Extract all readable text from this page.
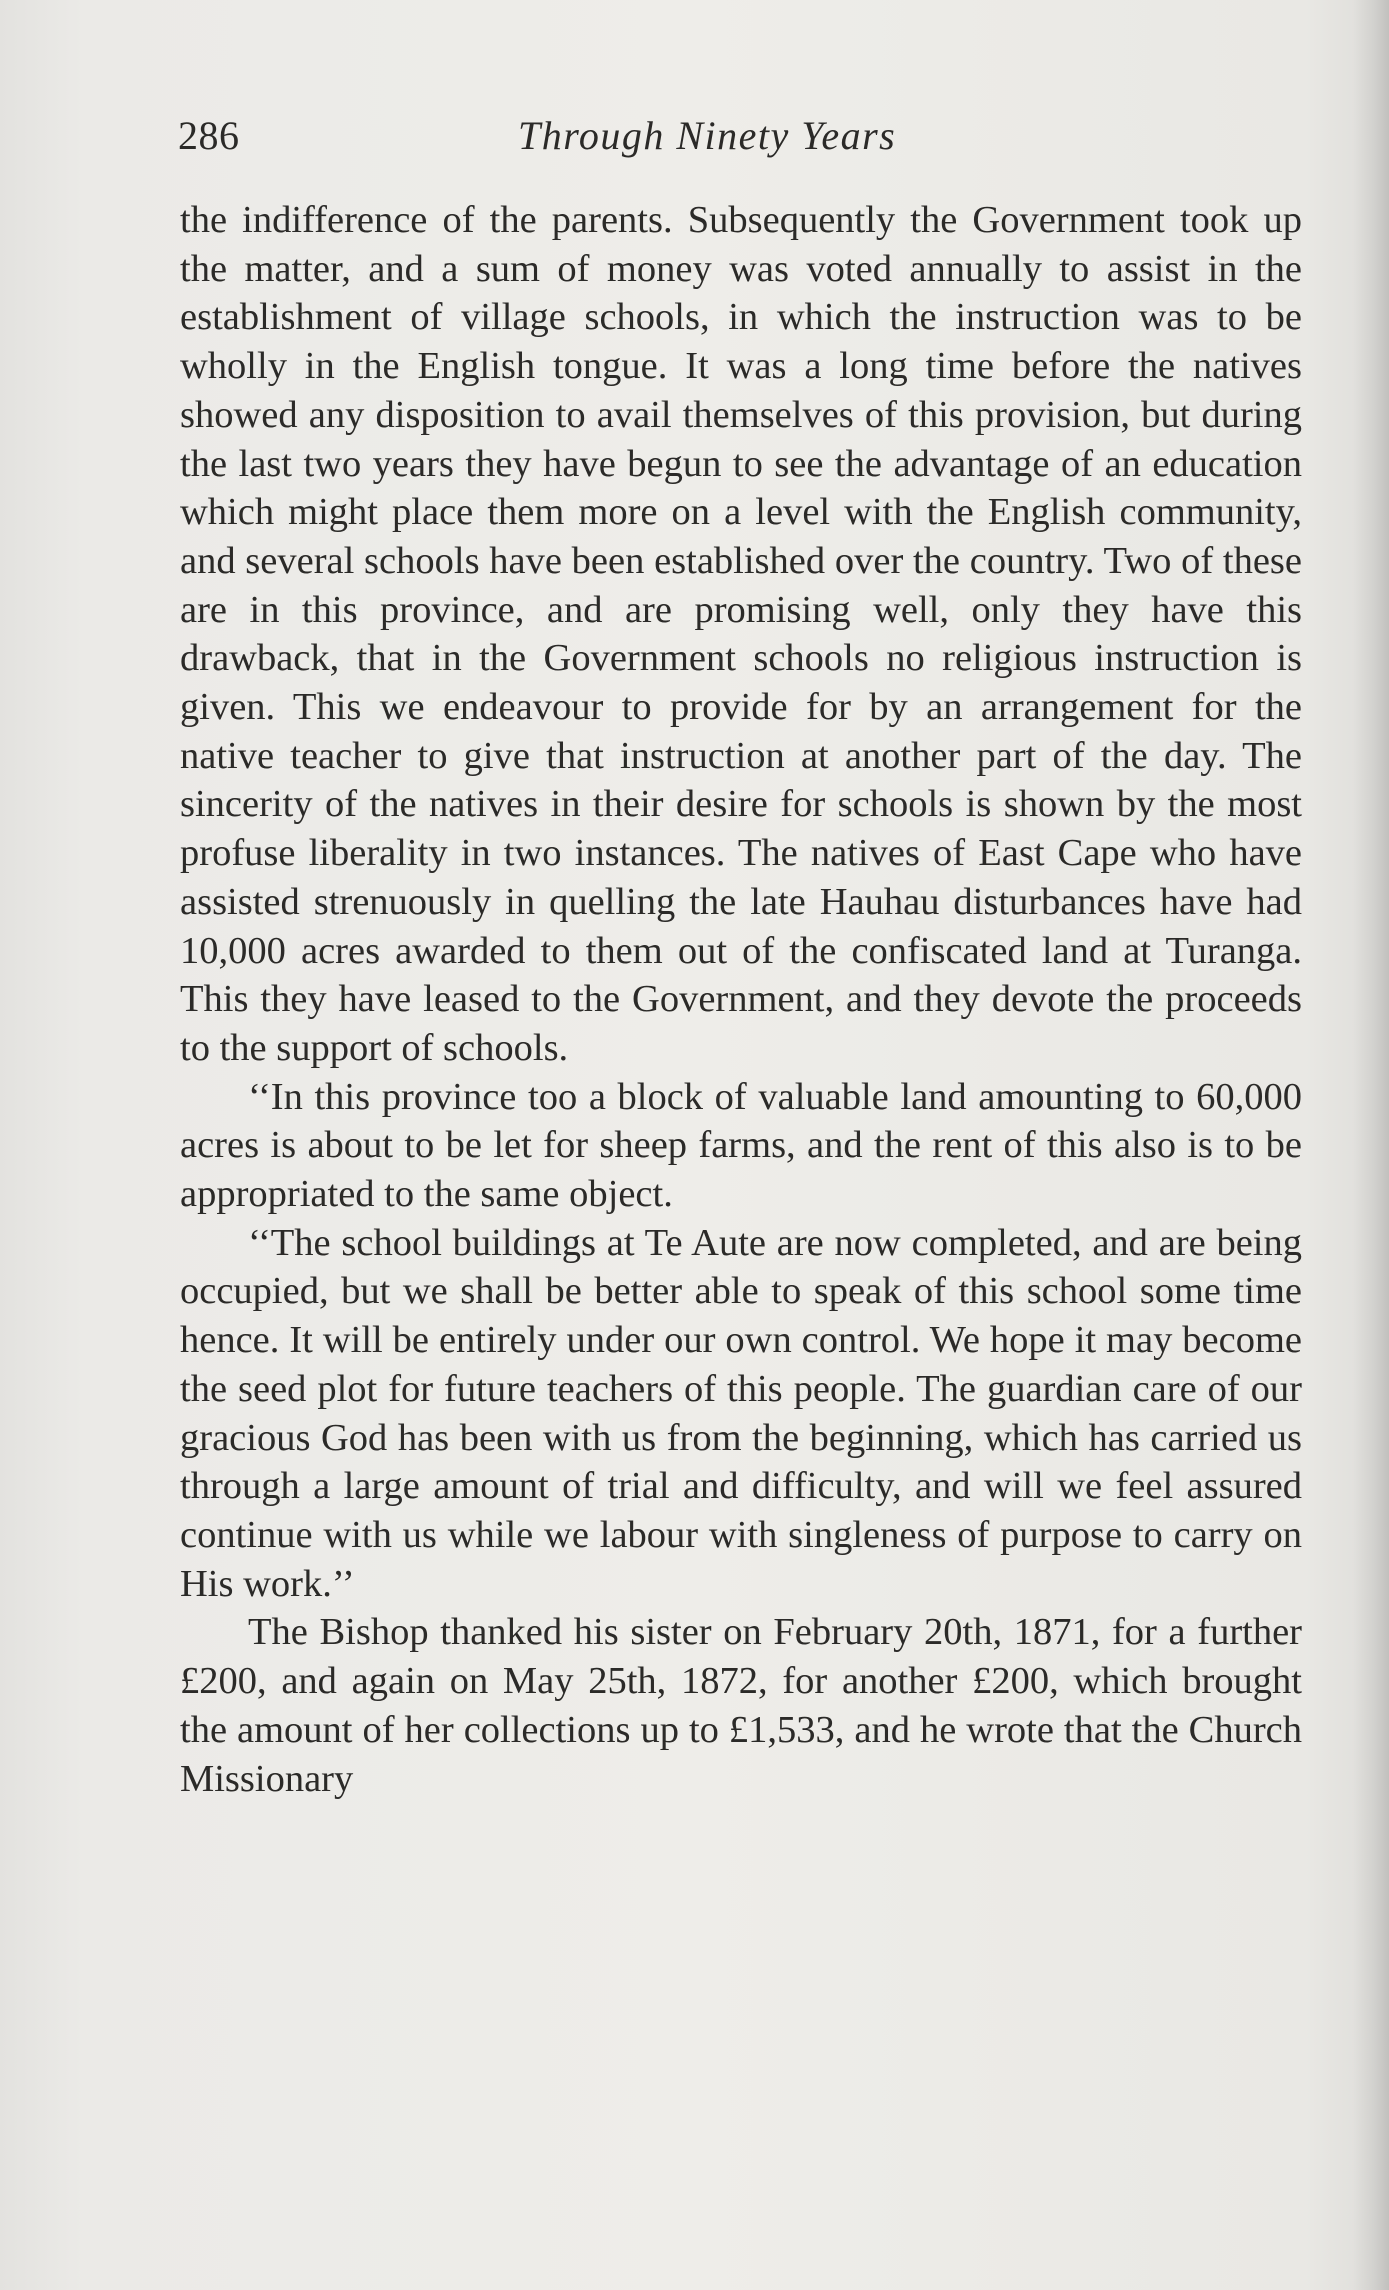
286	Through Ninety Years

the indifference of the parents. Subsequently the Government took up the matter, and a sum of money was voted annually to assist in the establishment of village schools, in which the instruction was to be wholly in the English tongue. It was a long time before the natives showed any disposition to avail themselves of this provision, but during the last two years they have begun to see the advantage of an education which might place them more on a level with the English community, and several schools have been established over the country. Two of these are in this province, and are promising well, only they have this drawback, that in the Government schools no religious instruction is given. This we endeavour to provide for by an arrangement for the native teacher to give that instruction at another part of the day. The sincerity of the natives in their desire for schools is shown by the most profuse liberality in two instances. The natives of East Cape who have assisted strenuously in quelling the late Hauhau disturbances have had 10,000 acres awarded to them out of the confiscated land at Turanga. This they have leased to the Government, and they devote the proceeds to the support of schools.

‘‘In this province too a block of valuable land amounting to 60,000 acres is about to be let for sheep farms, and the rent of this also is to be appropriated to the same object.

‘‘The school buildings at Te Aute are now completed, and are being occupied, but we shall be better able to speak of this school some time hence. It will be entirely under our own control. We hope it may become the seed plot for future teachers of this people. The guardian care of our gracious God has been with us from the beginning, which has carried us through a large amount of trial and difficulty, and will we feel assured continue with us while we labour with singleness of purpose to carry on His work.’’

The Bishop thanked his sister on February 20th, 1871, for a further £200, and again on May 25th, 1872, for another £200, which brought the amount of her collections up to £1,533, and he wrote that the Church Missionary
